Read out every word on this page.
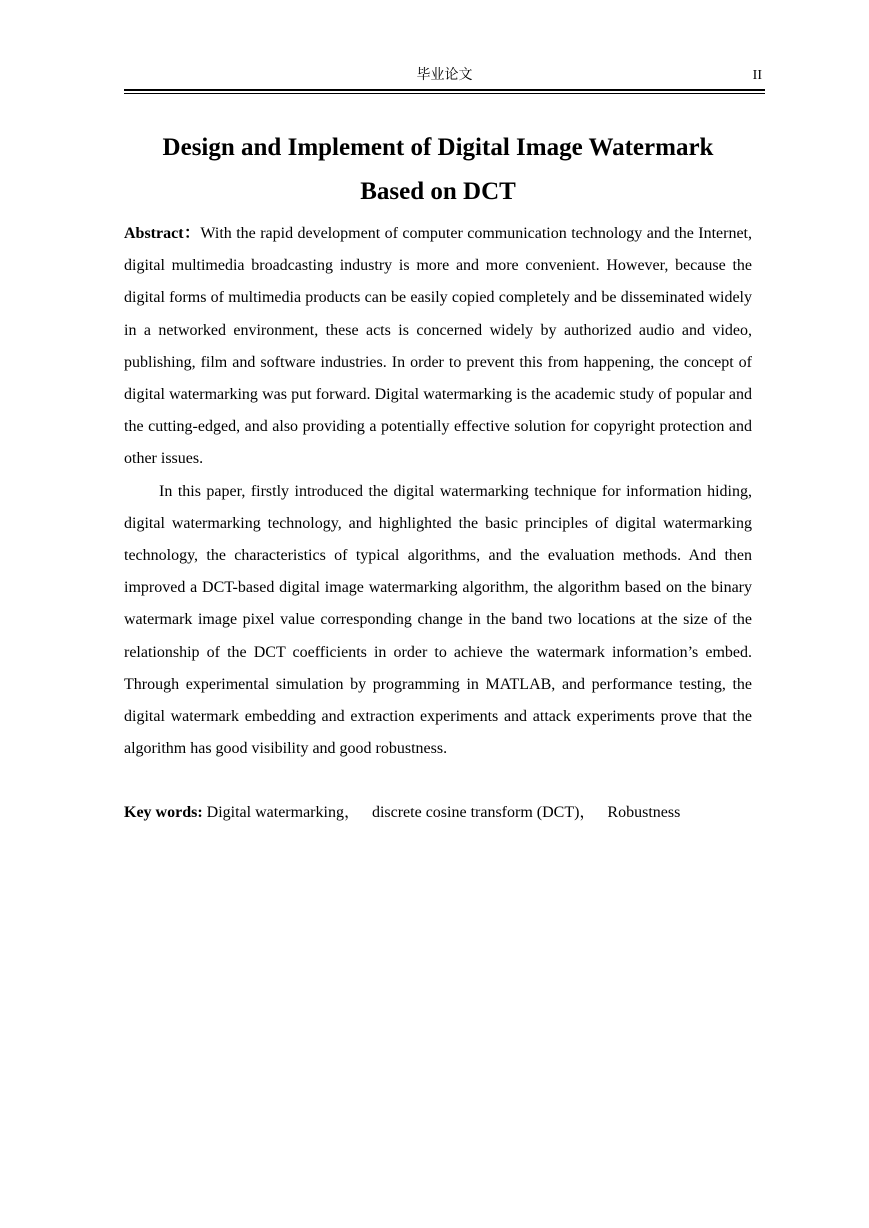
毕业论文	II
Design and Implement of Digital Image Watermark
Based on DCT

Abstract：With the rapid development of computer communication technology and the Internet, digital multimedia broadcasting industry is more and more convenient. However, because the digital forms of multimedia products can be easily copied completely and be disseminated widely in a networked environment, these acts is concerned widely by authorized audio and video, publishing, film and software industries. In order to prevent this from happening, the concept of digital watermarking was put forward. Digital watermarking is the academic study of popular and the cutting-edged, and also providing a potentially effective solution for copyright protection and other issues.

In this paper, firstly introduced the digital watermarking technique for information hiding, digital watermarking technology, and highlighted the basic principles of digital watermarking technology, the characteristics of typical algorithms, and the evaluation methods. And then improved a DCT-based digital image watermarking algorithm, the algorithm based on the binary watermark image pixel value corresponding change in the band two locations at the size of the relationship of the DCT coefficients in order to achieve the watermark information’s embed. Through experimental simulation by programming in MATLAB, and performance testing, the digital watermark embedding and extraction experiments and attack experiments prove that the algorithm has good visibility and good robustness.

Key words: Digital watermarking，   discrete cosine transform (DCT)，   Robustness
